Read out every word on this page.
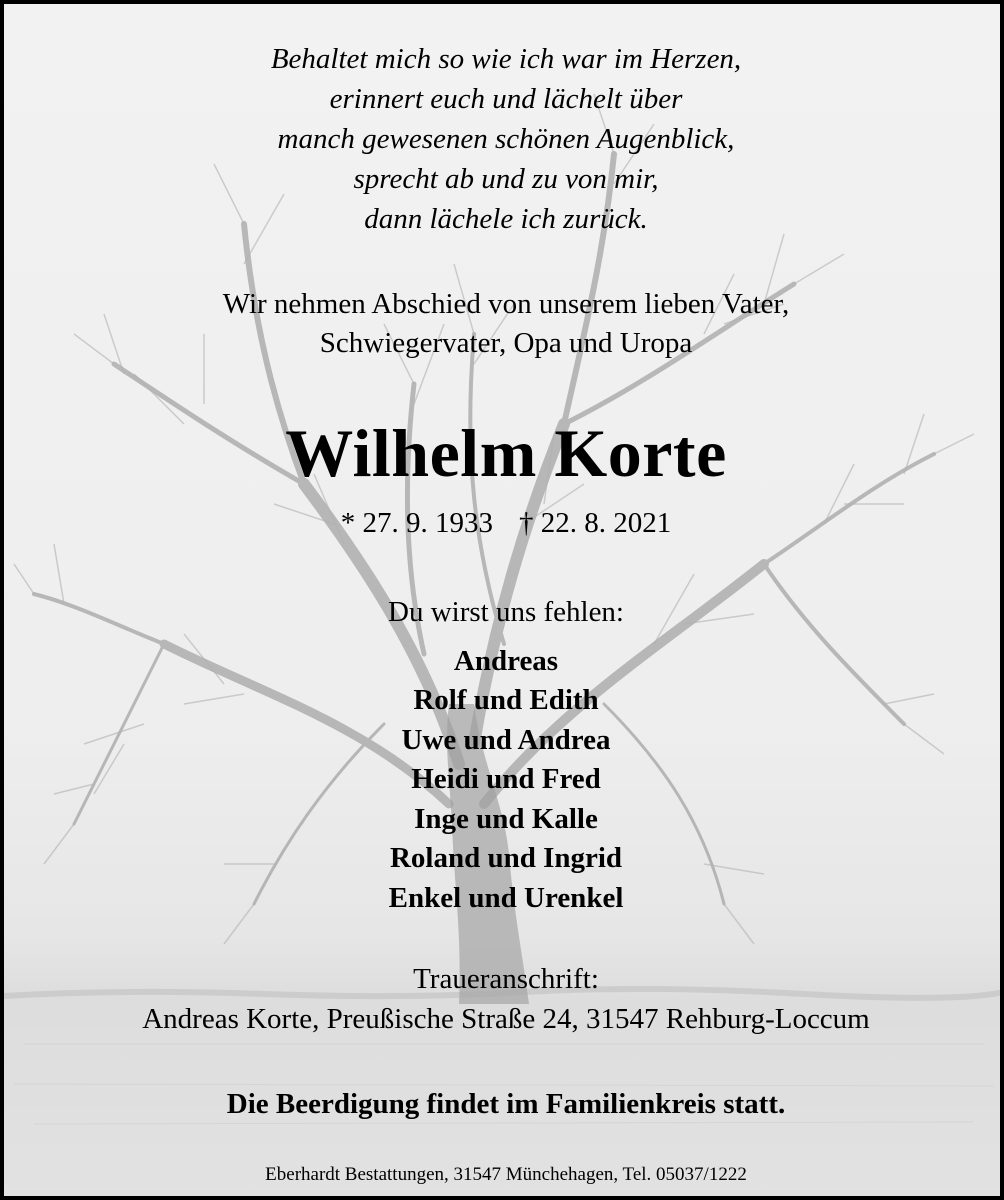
Behaltet mich so wie ich war im Herzen,
erinnert euch und lächelt über
manch gewesenen schönen Augenblick,
sprecht ab und zu von mir,
dann lächele ich zurück.
Wir nehmen Abschied von unserem lieben Vater,
Schwiegervater, Opa und Uropa
Wilhelm Korte
* 27. 9. 1933 † 22. 8. 2021
Du wirst uns fehlen:
Andreas
Rolf und Edith
Uwe und Andrea
Heidi und Fred
Inge und Kalle
Roland und Ingrid
Enkel und Urenkel
Traueranschrift:
Andreas Korte, Preußische Straße 24, 31547 Rehburg-Loccum
Die Beerdigung findet im Familienkreis statt.
Eberhardt Bestattungen, 31547 Münchehagen, Tel. 05037/1222
